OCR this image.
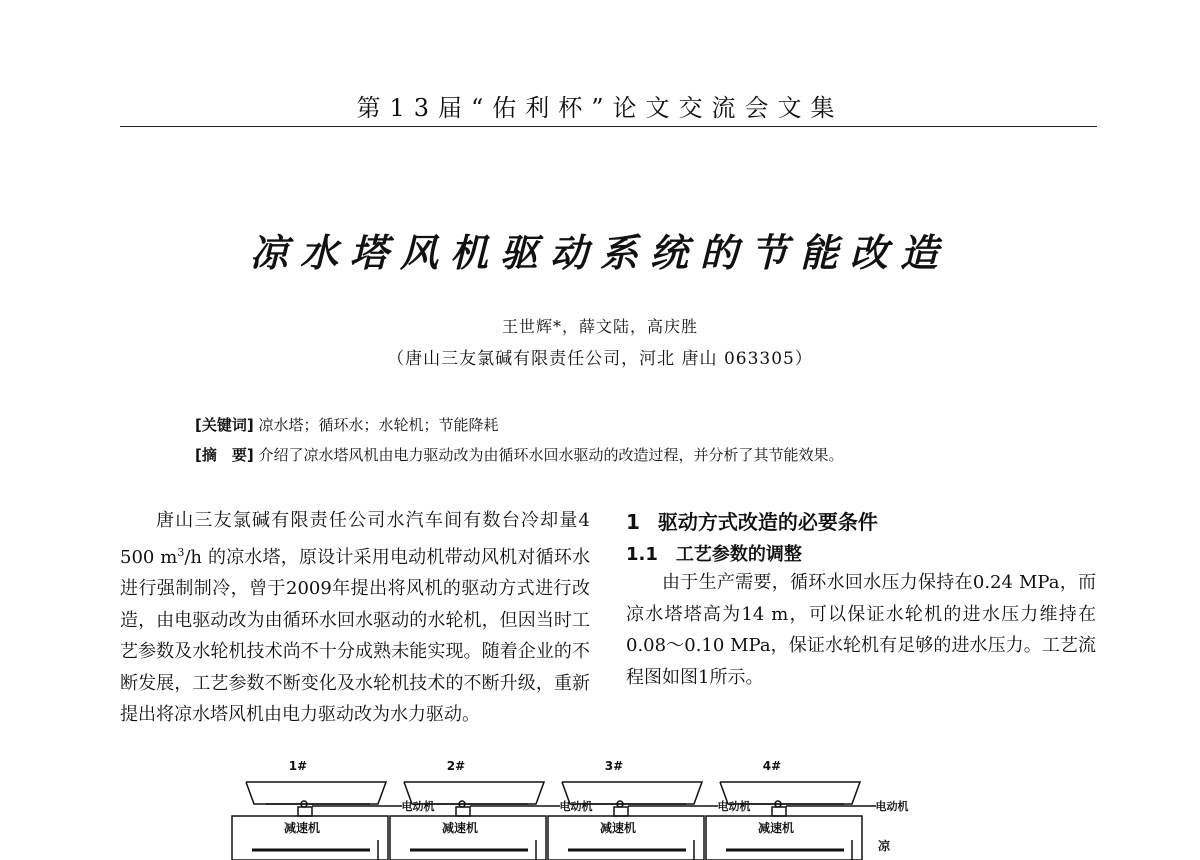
第13届“佑利杯”论文交流会文集
凉水塔风机驱动系统的节能改造
王世辉*，薛文陆，高庆胜
（唐山三友氯碱有限责任公司，河北 唐山 063305）
[关键词] 凉水塔；循环水；水轮机；节能降耗
[摘　要] 介绍了凉水塔风机由电力驱动改为由循环水回水驱动的改造过程，并分析了其节能效果。

唐山三友氯碱有限责任公司水汽车间有数台冷却量4 500 $m^3/h$ 的凉水塔，原设计采用电动机带动风机对循环水进行强制制冷，曾于2009年提出将风机的驱动方式进行改造，由电驱动改为由循环水回水驱动的水轮机，但因当时工艺参数及水轮机技术尚不十分成熟未能实现。随着企业的不断发展，工艺参数不断变化及水轮机技术的不断升级，重新提出将凉水塔风机由电力驱动改为水力驱动。

1 驱动方式改造的必要条件
1.1 工艺参数的调整

由于生产需要，循环水回水压力保持在0.24 MPa，而凉水塔塔高为14 m，可以保证水轮机的进水压力维持在0.08～0.10 MPa，保证水轮机有足够的进水压力。工艺流程图如图1所示。

1#
电动机
减速机
2#
电动机
减速机
3#
电动机
减速机
4#
电动机
减速机
凉
